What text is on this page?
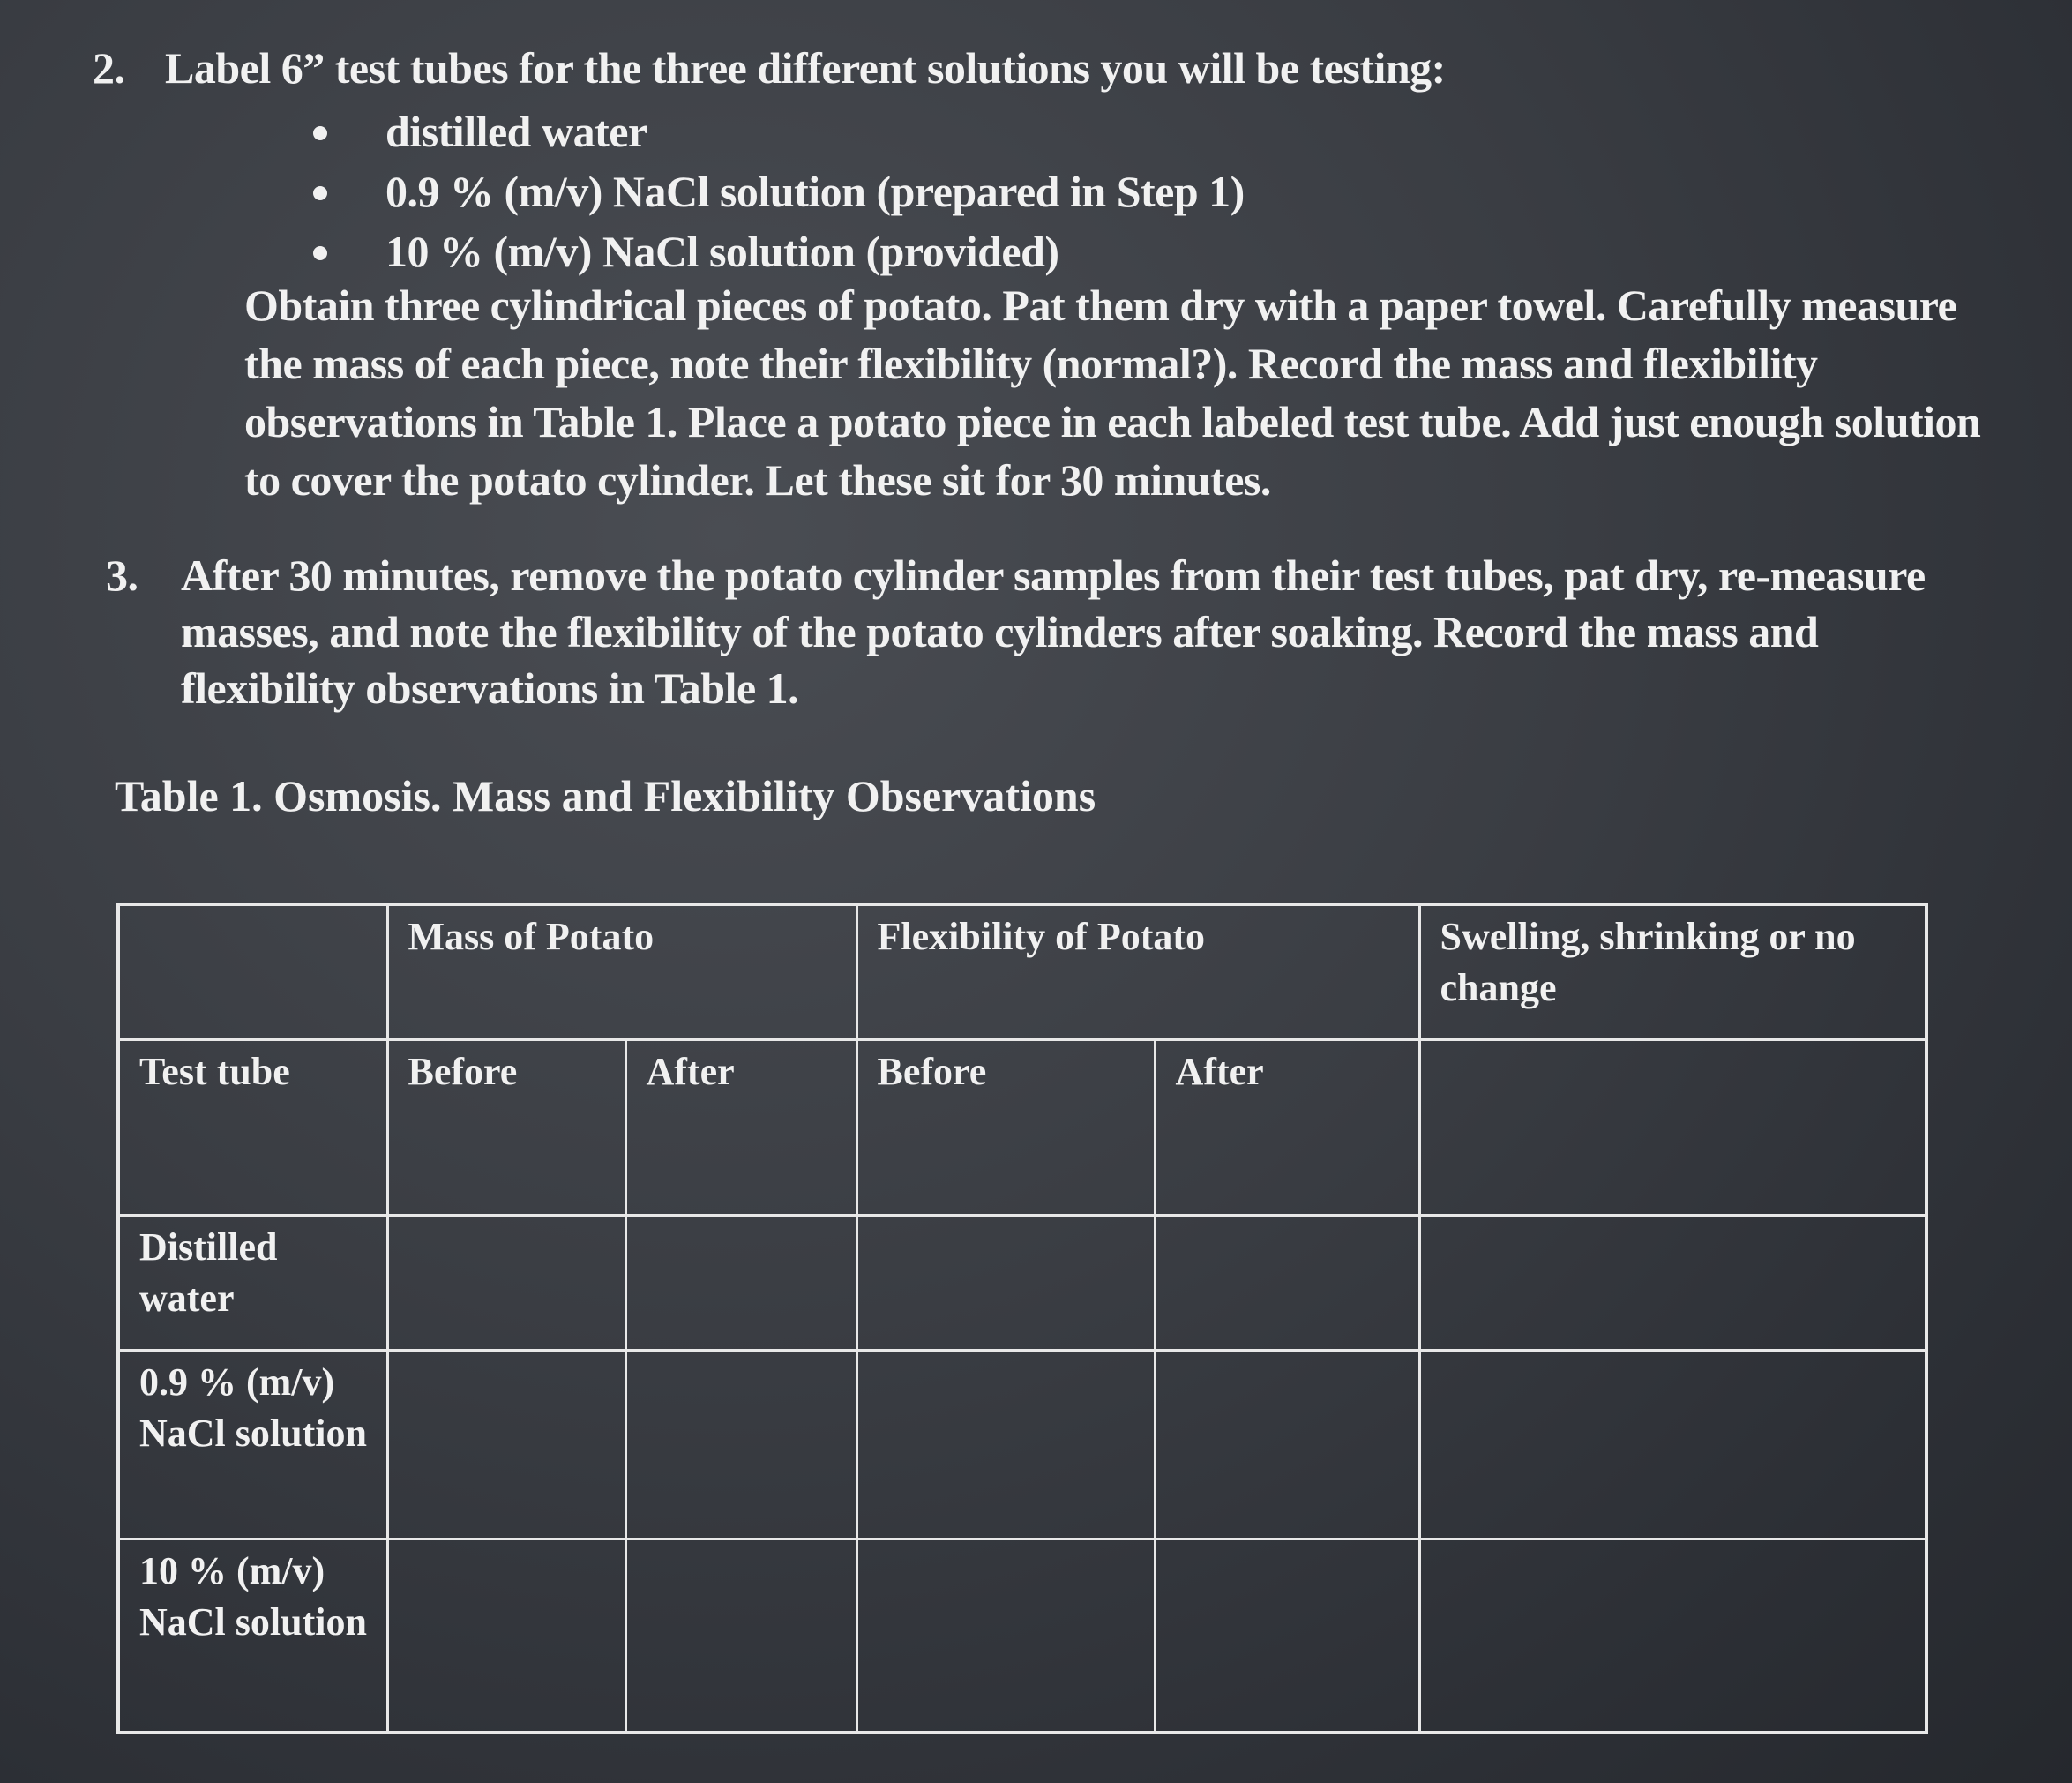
2. Label 6” test tubes for the three different solutions you will be testing:
distilled water
0.9 % (m/v) NaCl solution (prepared in Step 1)
10 % (m/v) NaCl solution (provided)
Obtain three cylindrical pieces of potato. Pat them dry with a paper towel. Carefully measure the mass of each piece, note their flexibility (normal?). Record the mass and flexibility observations in Table 1. Place a potato piece in each labeled test tube. Add just enough solution to cover the potato cylinder. Let these sit for 30 minutes.
3. After 30 minutes, remove the potato cylinder samples from their test tubes, pat dry, re-measure masses, and note the flexibility of the potato cylinders after soaking. Record the mass and flexibility observations in Table 1.
Table 1. Osmosis. Mass and Flexibility Observations
	Mass of Potato		Flexibility of Potato		Swelling, shrinking or no change
Test tube	Before	After	Before	After	
Distilled water					
0.9 % (m/v) NaCl solution					
10 % (m/v) NaCl solution					
